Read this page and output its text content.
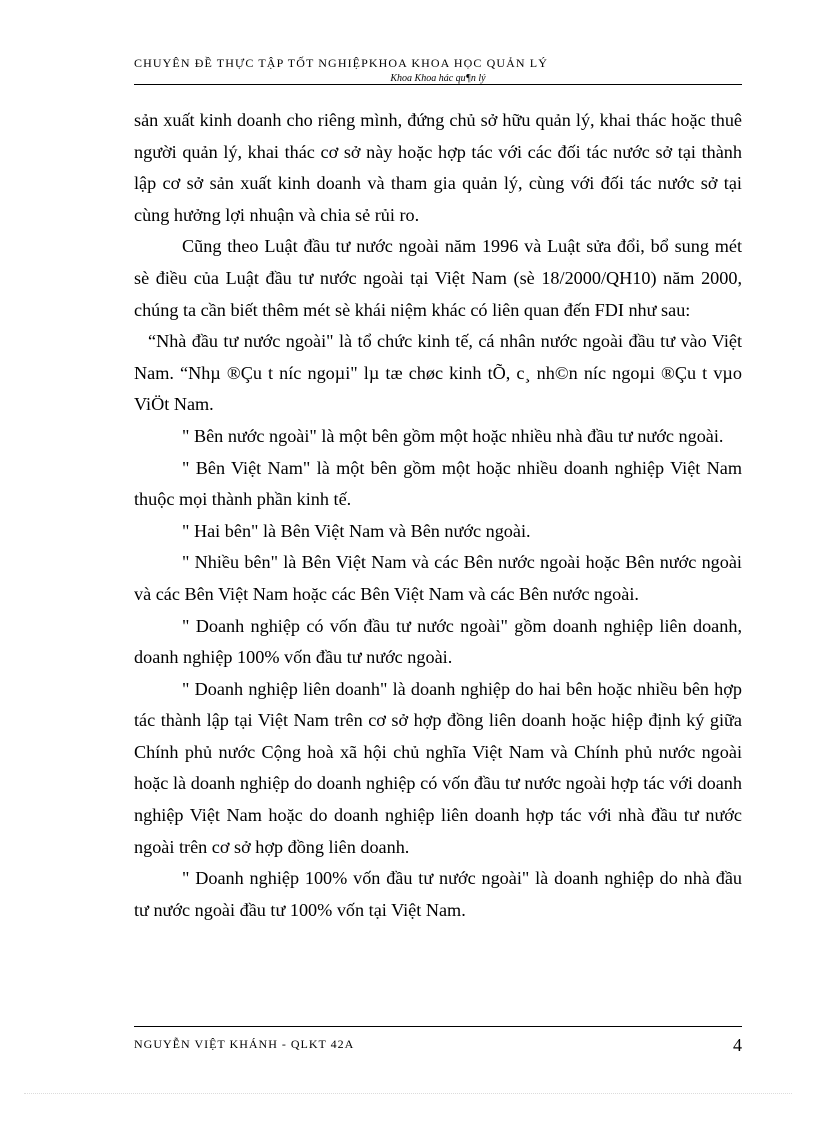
CHUYÊN ĐỀ THỰC TẬP TỐT NGHIỆPKHOA KHOA HỌC QUẢN LÝ
Khoa Khoa hác qu¶n lý

sản xuất kinh doanh cho riêng mình, đứng chủ sở hữu quản lý, khai thác hoặc thuê người quản lý, khai thác cơ sở này hoặc hợp tác với các đối tác nước sở tại thành lập cơ sở sản xuất kinh doanh và tham gia quản lý, cùng với đối tác nước sở tại cùng hưởng lợi nhuận và chia sẻ rủi ro.

Cũng theo Luật đầu tư nước ngoài năm 1996 và Luật sửa đổi, bổ sung mét sè điều của Luật đầu tư nước ngoài tại Việt Nam (sè 18/2000/QH10) năm 2000, chúng ta cần biết thêm mét sè khái niệm khác có liên quan đến FDI như sau:

“Nhà đầu tư nước ngoài" là tổ chức kinh tế, cá nhân nước ngoài đầu tư vào Việt Nam. “Nhµ ®Çu t níc ngoµi" lµ tæ chøc kinh tÕ, c¸ nh©n níc ngoµi ®Çu t vµo ViÖt Nam.

" Bên nước ngoài" là một bên gồm một hoặc nhiều nhà đầu tư nước ngoài.

" Bên Việt Nam" là một bên gồm một hoặc nhiều doanh nghiệp Việt Nam thuộc mọi thành phần kinh tế.

" Hai bên" là Bên Việt Nam và Bên nước ngoài.

" Nhiều bên" là Bên Việt Nam và các Bên nước ngoài hoặc Bên nước ngoài và các Bên Việt Nam hoặc các Bên Việt Nam và các Bên nước ngoài.

" Doanh nghiệp có vốn đầu tư nước ngoài" gồm doanh nghiệp liên doanh, doanh nghiệp 100% vốn đầu tư nước ngoài.

" Doanh nghiệp liên doanh" là doanh nghiệp do hai bên hoặc nhiều bên hợp tác thành lập tại Việt Nam trên cơ sở hợp đồng liên doanh hoặc hiệp định ký giữa Chính phủ nước Cộng hoà xã hội chủ nghĩa Việt Nam và Chính phủ nước ngoài hoặc là doanh nghiệp do doanh nghiệp có vốn đầu tư nước ngoài hợp tác với doanh nghiệp Việt Nam hoặc do doanh nghiệp liên doanh hợp tác với nhà đầu tư nước ngoài trên cơ sở hợp đồng liên doanh.

" Doanh nghiệp 100% vốn đầu tư nước ngoài" là doanh nghiệp do nhà đầu tư nước ngoài đầu tư 100% vốn tại Việt Nam.

NGUYỄN VIỆT KHÁNH - QLKT 42A	4
